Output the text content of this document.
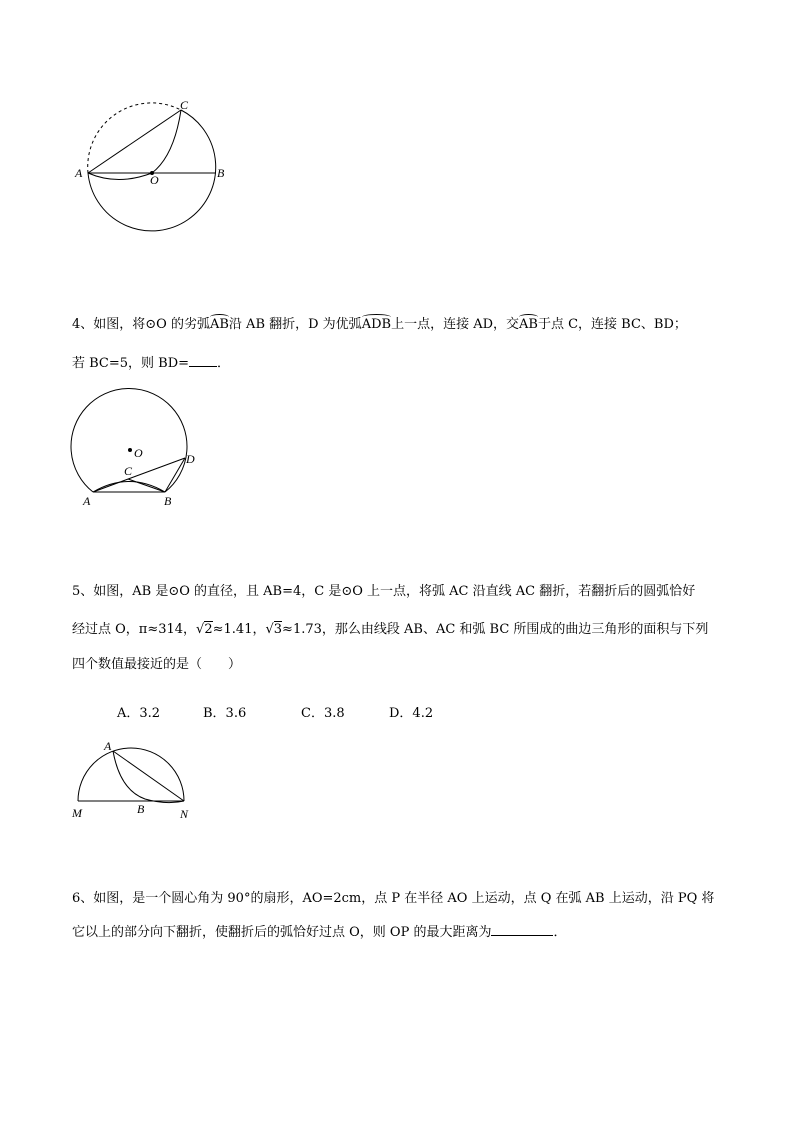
A	B
C
O
4、如图，将⊙O 的劣弧AB沿 AB 翻折，D 为优弧ADB上一点，连接 AD，交AB于点 C，连接 BC、BD；
若 BC=5，则 BD= ．
O	D
C
A	B
5、如图，AB 是⊙O 的直径，且 AB=4，C 是⊙O 上一点，将弧 AC 沿直线 AC 翻折，若翻折后的圆弧恰好
经过点 O，π≈314，√2≈1.41，√3≈1.73，那么由线段 AB、AC 和弧 BC 所围成的曲边三角形的面积与下列
四个数值最接近的是（　　）
A．3.2	B．3.6	C．3.8	D．4.2
A
M	B	N
6、如图，是一个圆心角为 90°的扇形，AO=2cm，点 P 在半径 AO 上运动，点 Q 在弧 AB 上运动，沿 PQ 将
它以上的部分向下翻折，使翻折后的弧恰好过点 O，则 OP 的最大距离为	．
